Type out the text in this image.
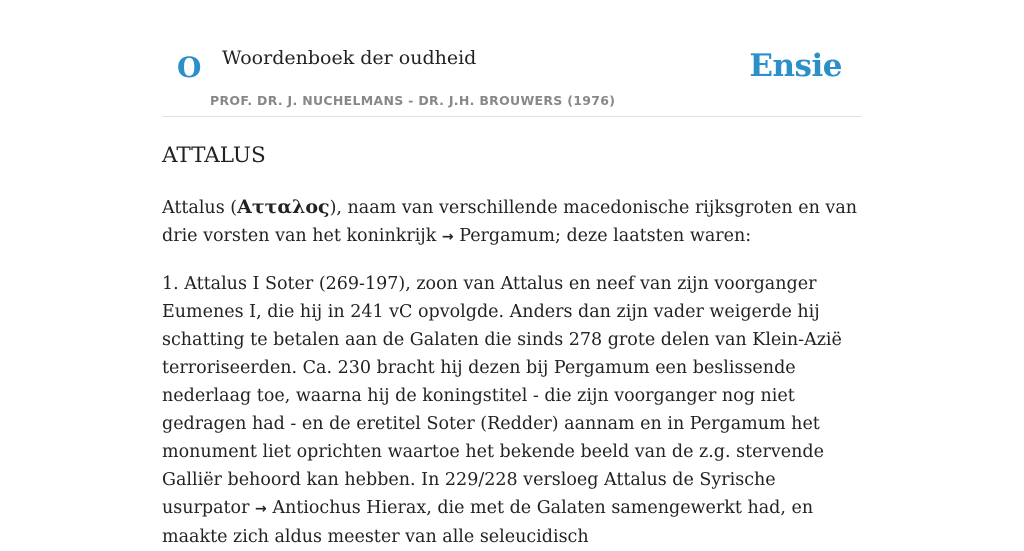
O Woordenboek der oudheid
PROF. DR. J. NUCHELMANS - DR. J.H. BROUWERS (1976)
Ensie
ATTALUS

Attalus (Ατταλος), naam van verschillende macedonische rijksgroten en van drie vorsten van het koninkrijk → Pergamum; deze laatsten waren:

1. Attalus I Soter (269-197), zoon van Attalus en neef van zijn voorganger Eumenes I, die hij in 241 vC opvolgde. Anders dan zijn vader weigerde hij schatting te betalen aan de Galaten die sinds 278 grote delen van Klein-Azië terroriseerden. Ca. 230 bracht hij dezen bij Pergamum een beslissende nederlaag toe, waarna hij de koningstitel - die zijn voorganger nog niet gedragen had - en de eretitel Soter (Redder) aannam en in Pergamum het monument liet oprichten waartoe het bekende beeld van de z.g. stervende Galliër behoord kan hebben. In 229/228 versloeg Attalus de Syrische usurpator → Antiochus Hierax, die met de Galaten samengewerkt had, en maakte zich aldus meester van alle seleucidisch
